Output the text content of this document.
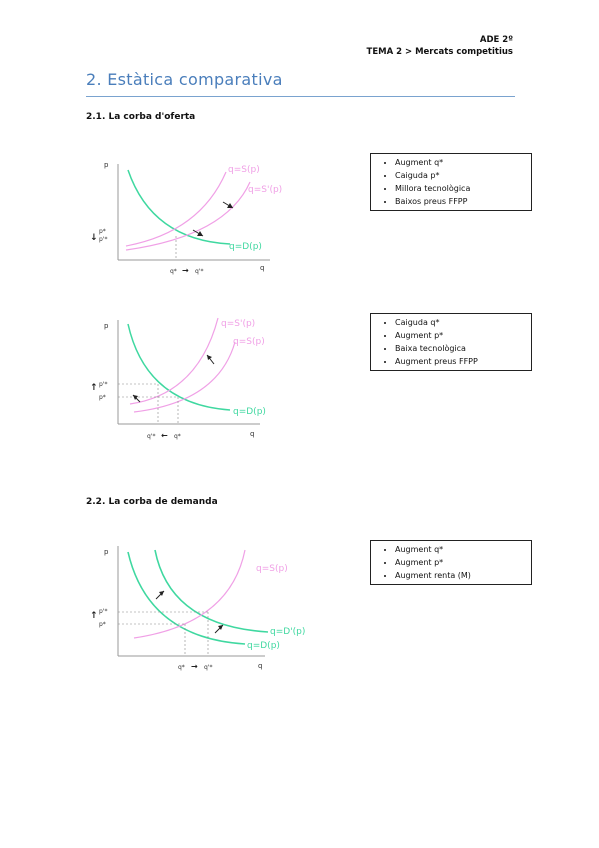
ADE 2º
TEMA 2 > Mercats competitius
2. Estàtica comparativa
2.1. La corba d'oferta
2.2. La corba de demanda
p
q
q=S(p)
q=S'(p)
q=D(p)
↓
p*
p'*
q* → q'*
p
q
q=S'(p)
q=S(p)
q=D(p)
↑ p'*
p*
q'* ← q*
p
q
q=S(p)
q=D'(p)
q=D(p)
↑ p'*
p*
q* → q'*
• Augment q*
• Caiguda p*
• Millora tecnològica
• Baixos preus FFPP
• Caiguda q*
• Augment p*
• Baixa tecnològica
• Augment preus FFPP
• Augment q*
• Augment p*
• Augment renta (M)
